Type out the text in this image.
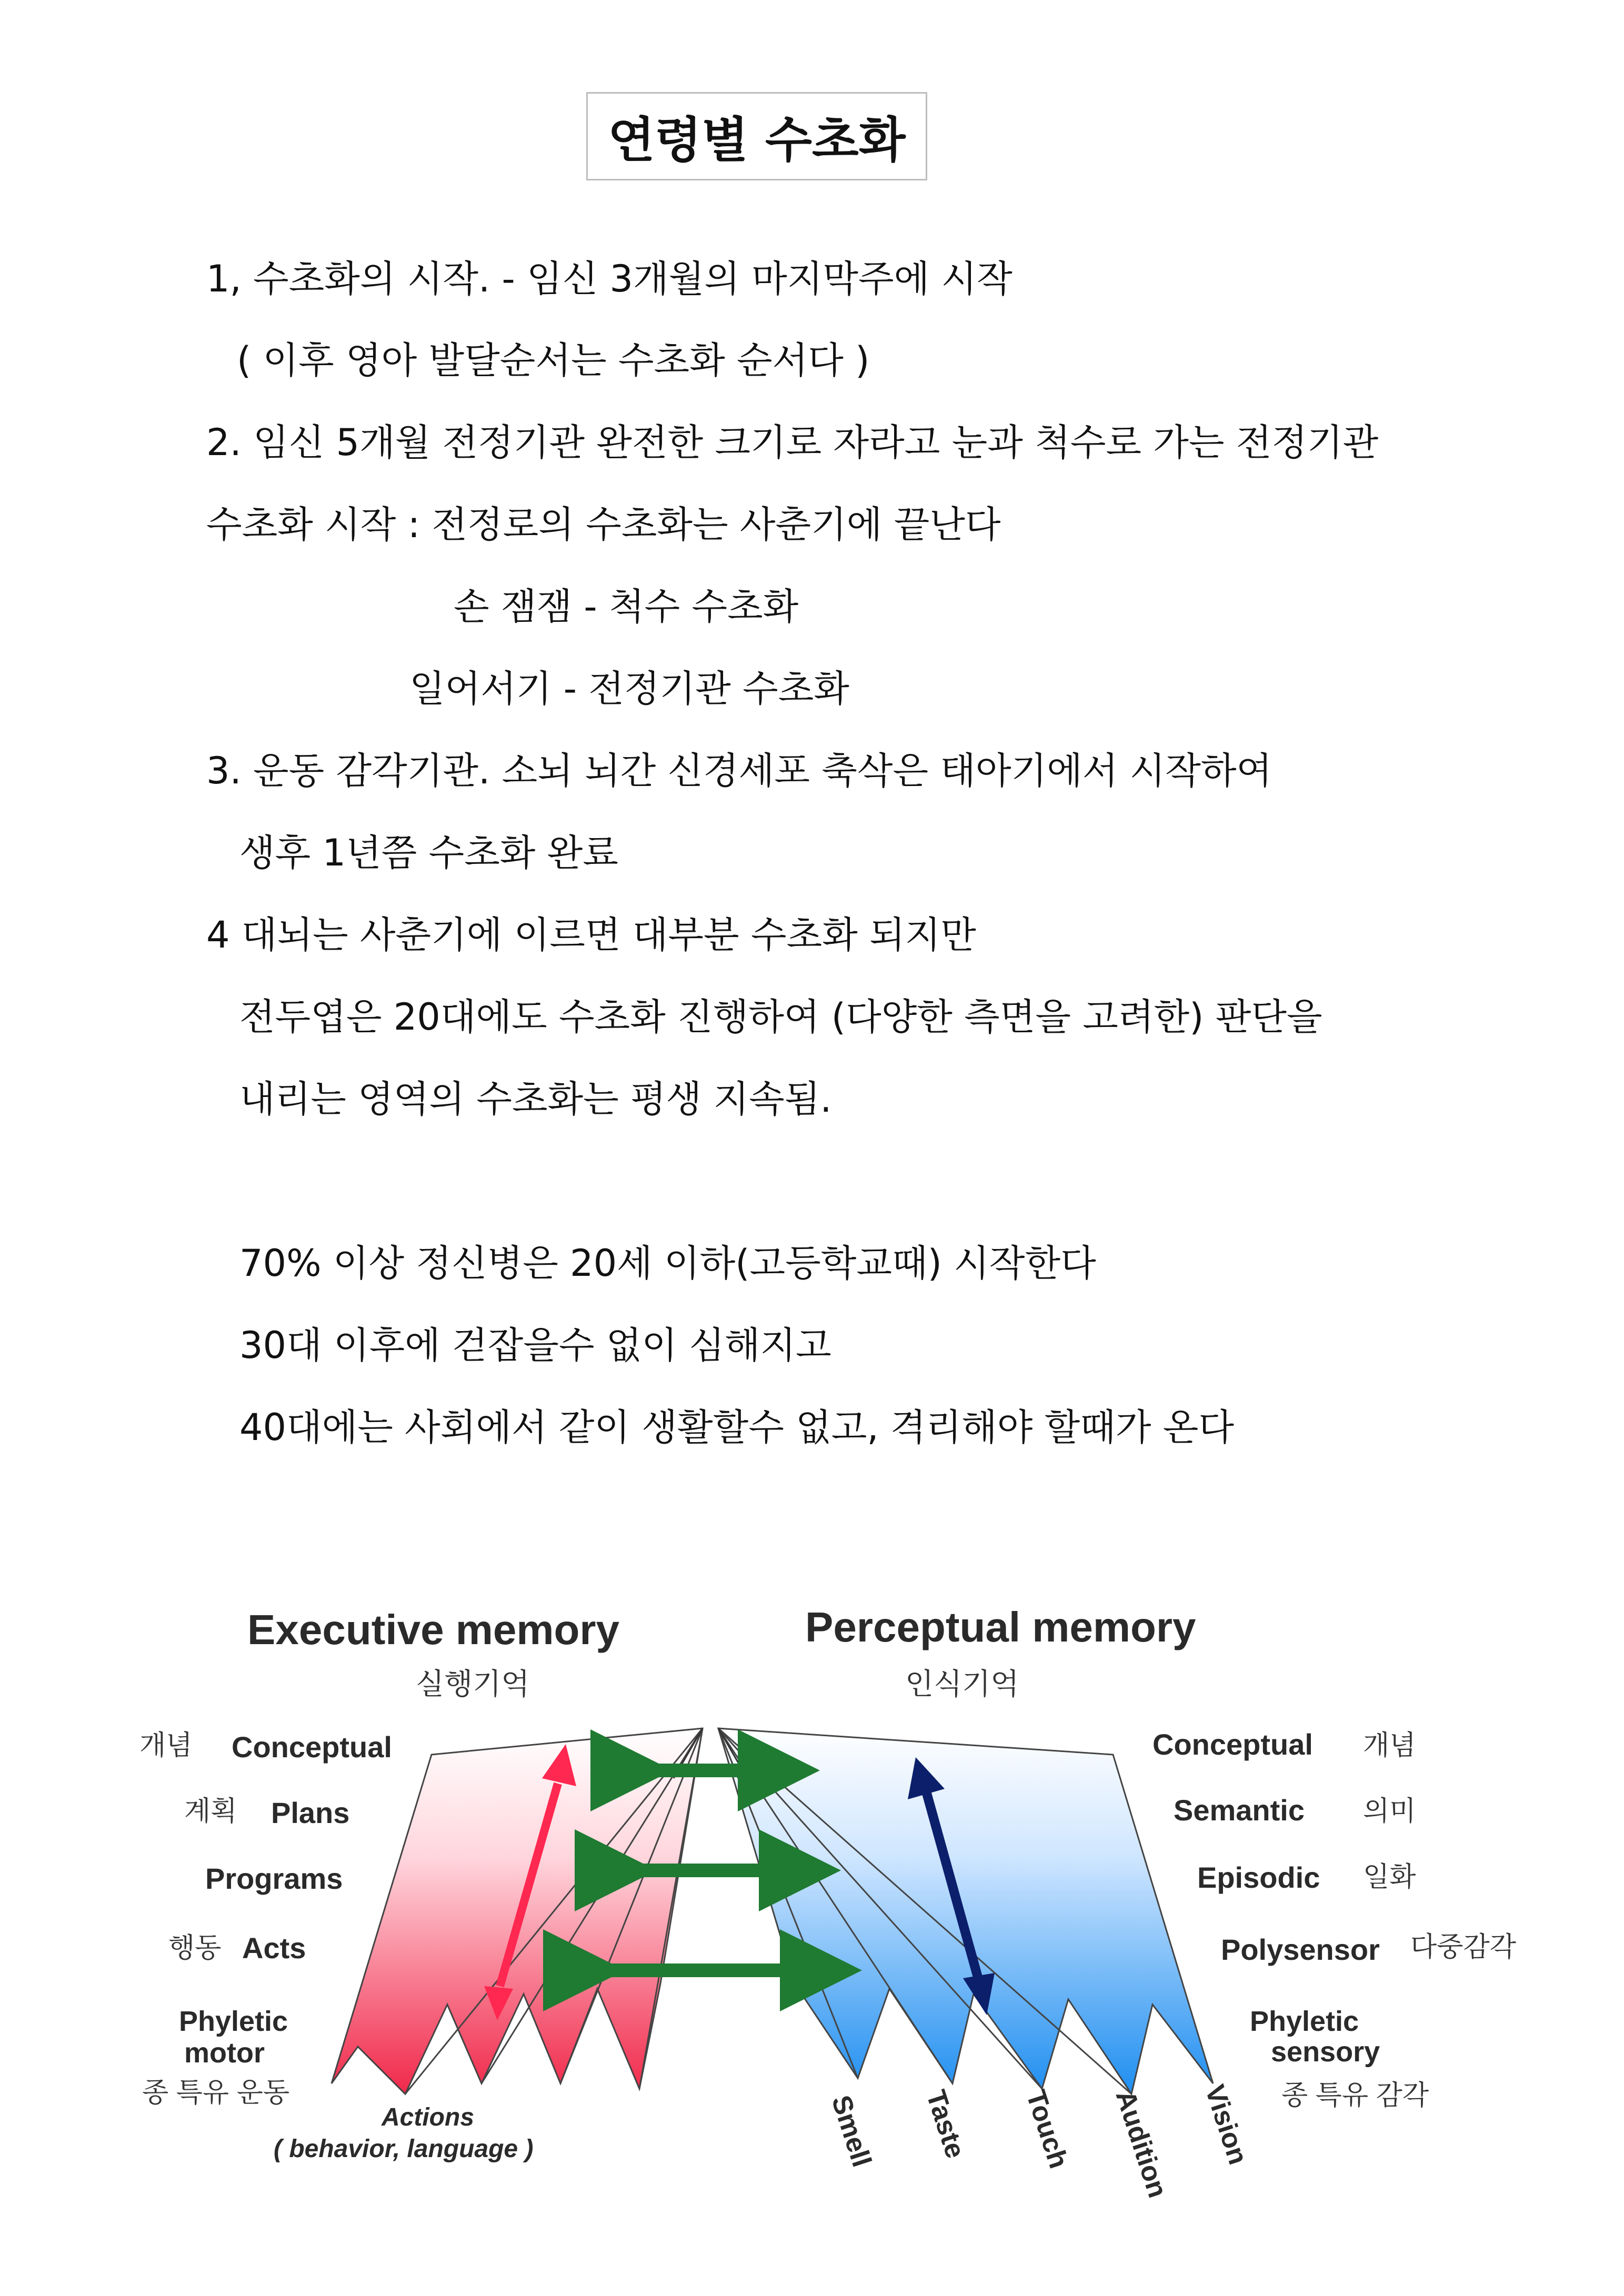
연령별 수초화
1, 수초화의 시작. - 임신 3개월의 마지막주에 시작
( 이후 영아 발달순서는 수초화 순서다 )
2. 임신 5개월 전정기관 완전한 크기로 자라고 눈과 척수로 가는 전정기관
수초화 시작 : 전정로의 수초화는 사춘기에 끝난다
손 잼잼 - 척수 수초화
일어서기 - 전정기관 수초화
3. 운동 감각기관. 소뇌 뇌간 신경세포 축삭은 태아기에서 시작하여
생후 1년쯤 수초화 완료
4 대뇌는 사춘기에 이르면 대부분 수초화 되지만
전두엽은 20대에도 수초화 진행하여 (다양한 측면을 고려한) 판단을
내리는 영역의 수초화는 평생 지속됨.
70% 이상 정신병은 20세 이하(고등학교때) 시작한다
30대 이후에 걷잡을수 없이 심해지고
40대에는 사회에서 같이 생활할수 없고, 격리해야 할때가 온다
Executive memory
실행기억
Perceptual memory
인식기억
개념 Conceptual
계획 Plans
Programs
행동 Acts
Phyletic
motor
종 특유 운동
Actions
( behavior, language )
Conceptual 개념
Semantic 의미
Episodic 일화
Polysensor 다중감각
Phyletic
sensory
종 특유 감각
Smell Taste Touch Audition Vision
